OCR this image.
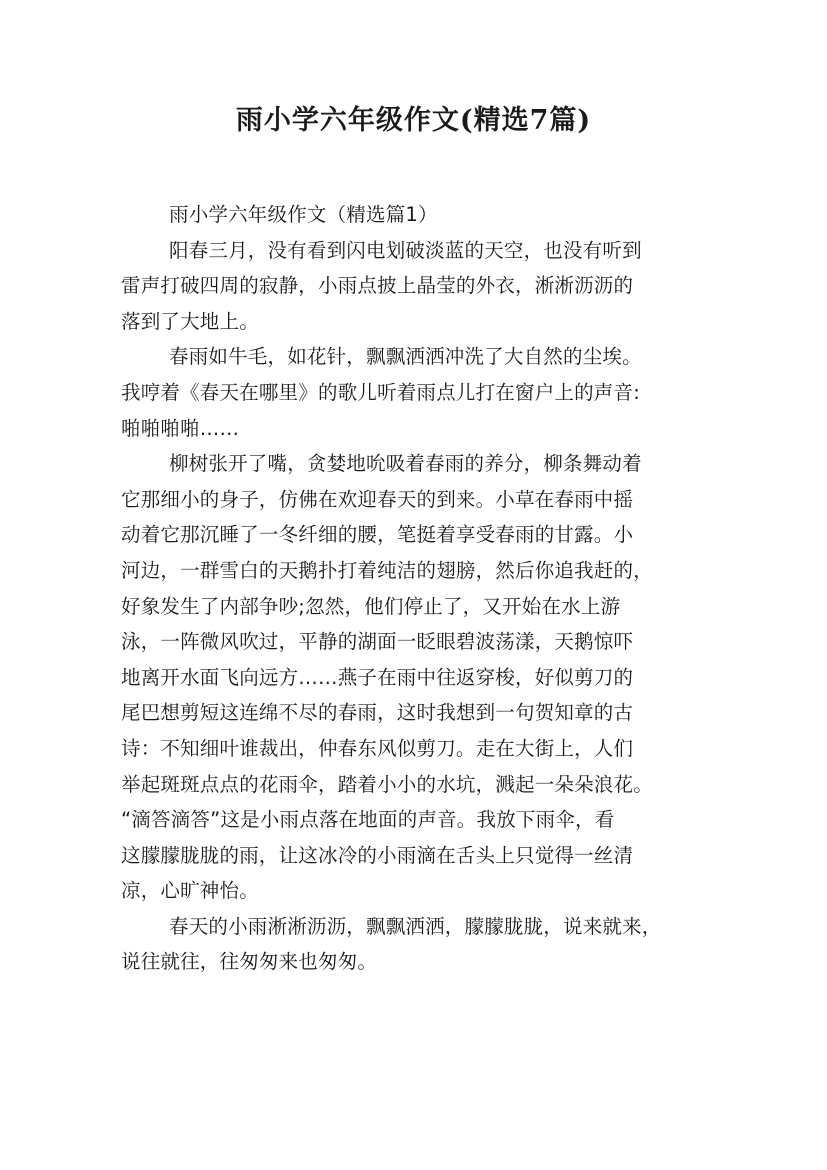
雨小学六年级作文(精选7篇)
雨小学六年级作文（精选篇1）
阳春三月，没有看到闪电划破淡蓝的天空，也没有听到
雷声打破四周的寂静，小雨点披上晶莹的外衣，淅淅沥沥的
落到了大地上。
春雨如牛毛，如花针，飘飘洒洒冲洗了大自然的尘埃。
我哼着《春天在哪里》的歌儿听着雨点儿打在窗户上的声音:
啪啪啪啪……
柳树张开了嘴，贪婪地吮吸着春雨的养分，柳条舞动着
它那细小的身子，仿佛在欢迎春天的到来。小草在春雨中摇
动着它那沉睡了一冬纤细的腰，笔挺着享受春雨的甘露。小
河边，一群雪白的天鹅扑打着纯洁的翅膀，然后你追我赶的，
好象发生了内部争吵;忽然，他们停止了，又开始在水上游
泳，一阵微风吹过，平静的湖面一眨眼碧波荡漾，天鹅惊吓
地离开水面飞向远方……燕子在雨中往返穿梭，好似剪刀的
尾巴想剪短这连绵不尽的春雨，这时我想到一句贺知章的古
诗：不知细叶谁裁出，仲春东风似剪刀。走在大街上，人们
举起斑斑点点的花雨伞，踏着小小的水坑，溅起一朵朵浪花。
“滴答滴答”这是小雨点落在地面的声音。我放下雨伞，看
这朦朦胧胧的雨，让这冰冷的小雨滴在舌头上只觉得一丝清
凉，心旷神怡。
春天的小雨淅淅沥沥，飘飘洒洒，朦朦胧胧，说来就来，
说往就往，往匆匆来也匆匆。
